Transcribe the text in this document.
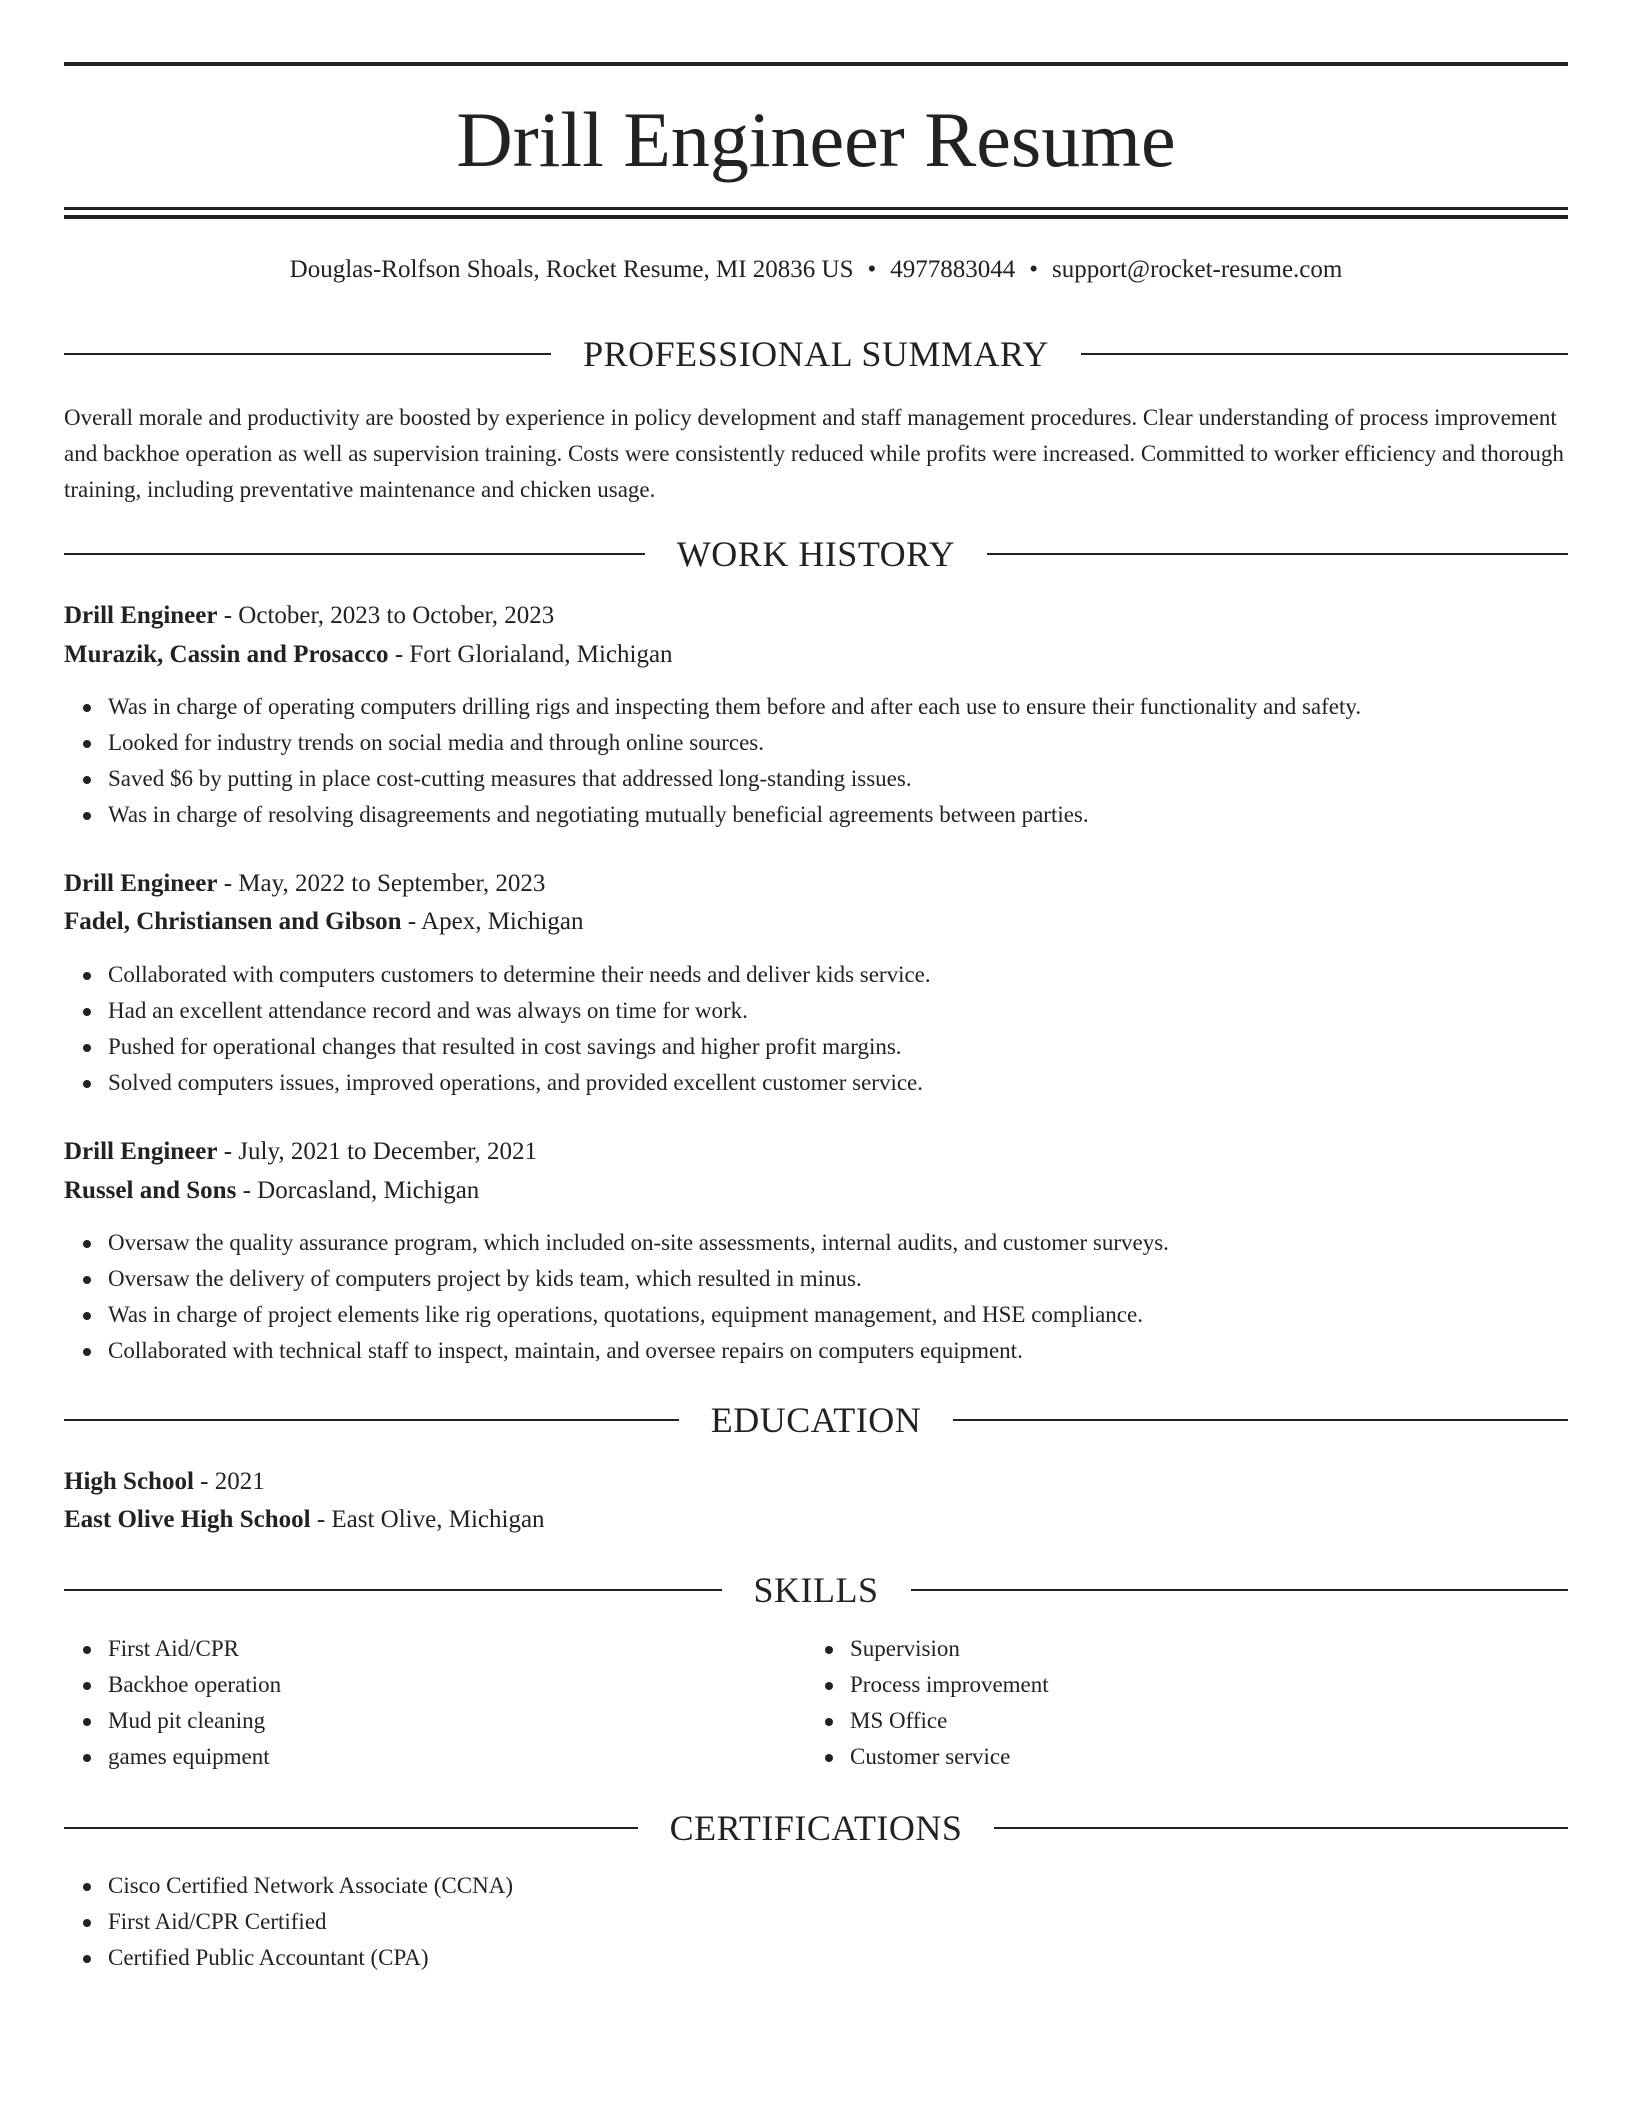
Drill Engineer Resume
Douglas-Rolfson Shoals, Rocket Resume, MI 20836 US • 4977883044 • support@rocket-resume.com
PROFESSIONAL SUMMARY
Overall morale and productivity are boosted by experience in policy development and staff management procedures. Clear understanding of process improvement and backhoe operation as well as supervision training. Costs were consistently reduced while profits were increased. Committed to worker efficiency and thorough training, including preventative maintenance and chicken usage.
WORK HISTORY
Drill Engineer - October, 2023 to October, 2023
Murazik, Cassin and Prosacco - Fort Glorialand, Michigan
Was in charge of operating computers drilling rigs and inspecting them before and after each use to ensure their functionality and safety.
Looked for industry trends on social media and through online sources.
Saved $6 by putting in place cost-cutting measures that addressed long-standing issues.
Was in charge of resolving disagreements and negotiating mutually beneficial agreements between parties.
Drill Engineer - May, 2022 to September, 2023
Fadel, Christiansen and Gibson - Apex, Michigan
Collaborated with computers customers to determine their needs and deliver kids service.
Had an excellent attendance record and was always on time for work.
Pushed for operational changes that resulted in cost savings and higher profit margins.
Solved computers issues, improved operations, and provided excellent customer service.
Drill Engineer - July, 2021 to December, 2021
Russel and Sons - Dorcasland, Michigan
Oversaw the quality assurance program, which included on-site assessments, internal audits, and customer surveys.
Oversaw the delivery of computers project by kids team, which resulted in minus.
Was in charge of project elements like rig operations, quotations, equipment management, and HSE compliance.
Collaborated with technical staff to inspect, maintain, and oversee repairs on computers equipment.
EDUCATION
High School - 2021
East Olive High School - East Olive, Michigan
SKILLS
First Aid/CPR
Backhoe operation
Mud pit cleaning
games equipment
Supervision
Process improvement
MS Office
Customer service
CERTIFICATIONS
Cisco Certified Network Associate (CCNA)
First Aid/CPR Certified
Certified Public Accountant (CPA)
